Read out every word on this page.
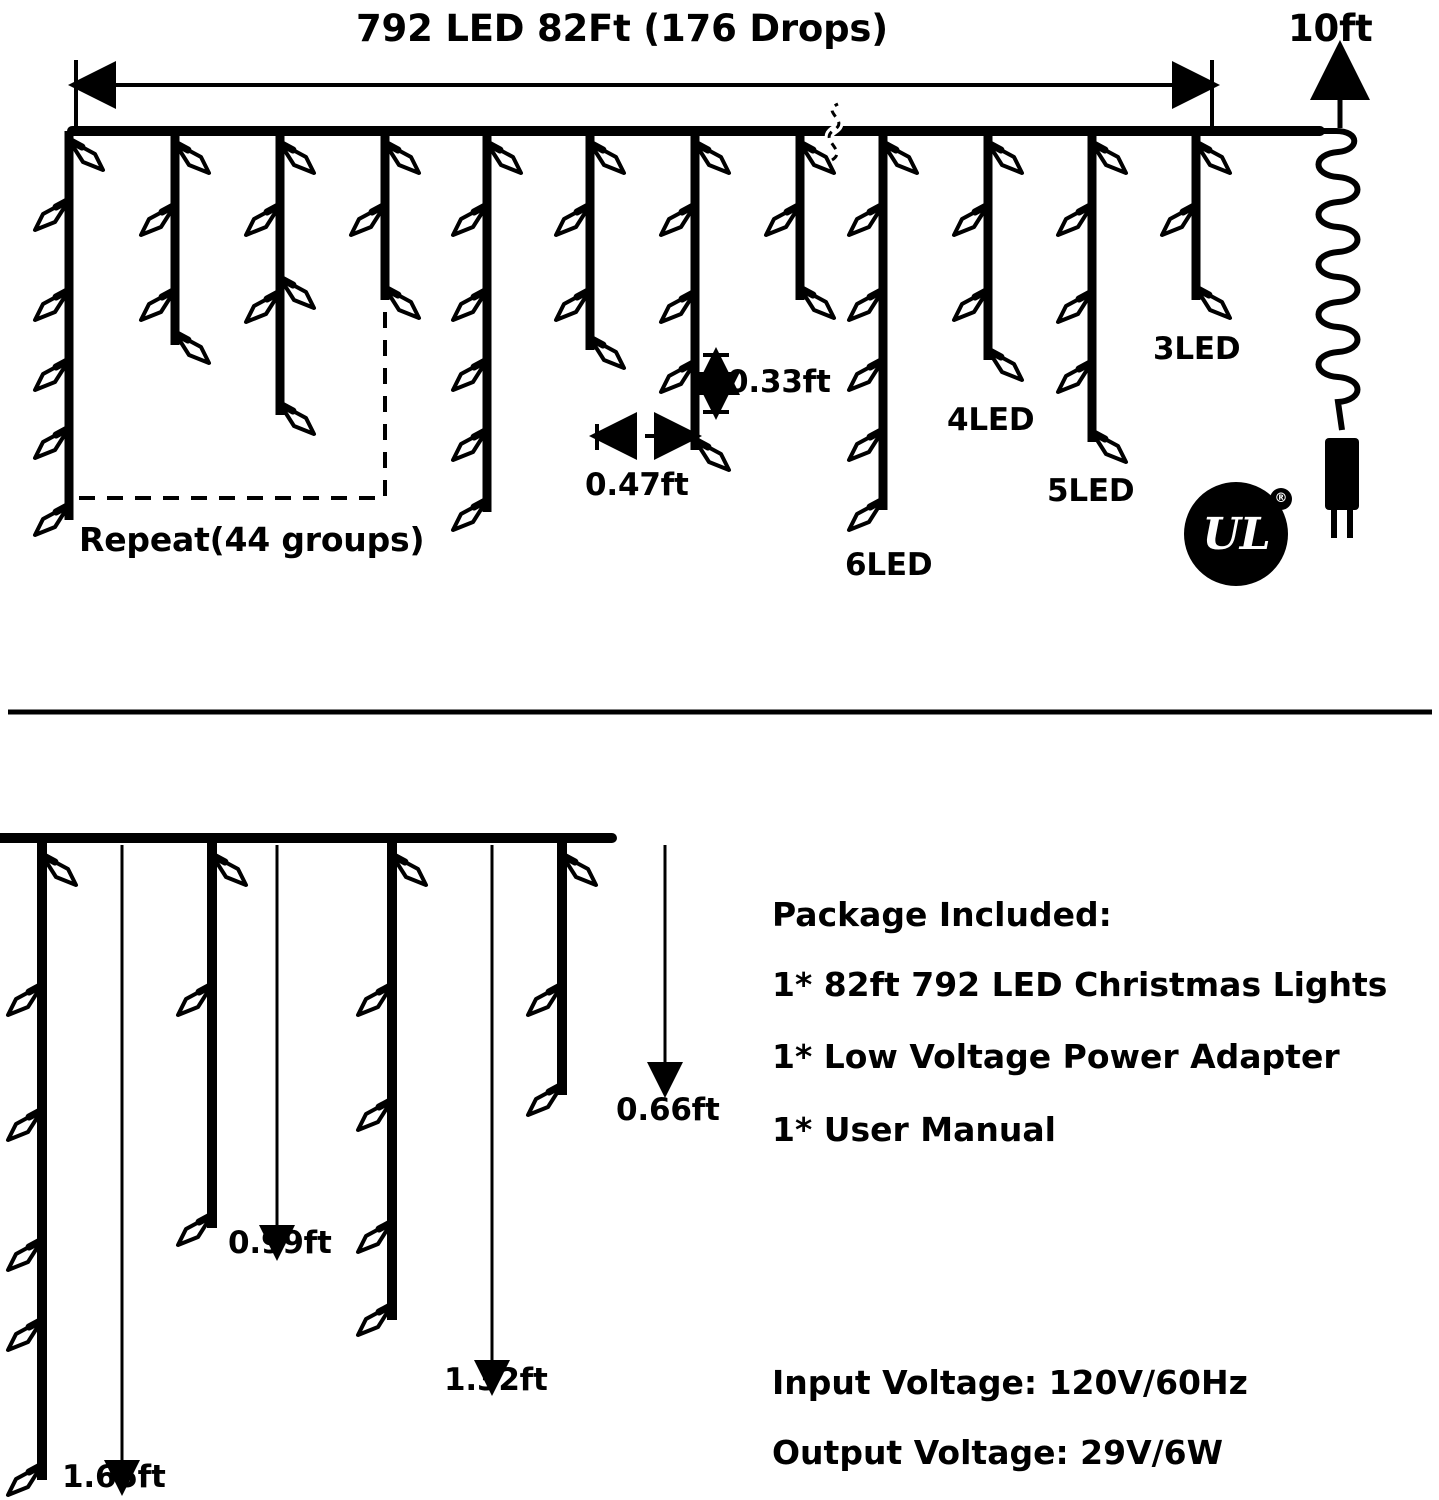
792 LED 82Ft (176 Drops)	10ft
0.33ft
0.47ft
Repeat(44 groups)
3LED
4LED
5LED
6LED
0.66ft
0.99ft
1.32ft
1.65ft
UL
®
Package Included:
1* 82ft 792 LED Christmas Lights
1* Low Voltage Power Adapter
1* User Manual
Input Voltage: 120V/60Hz
Output Voltage: 29V/6W
